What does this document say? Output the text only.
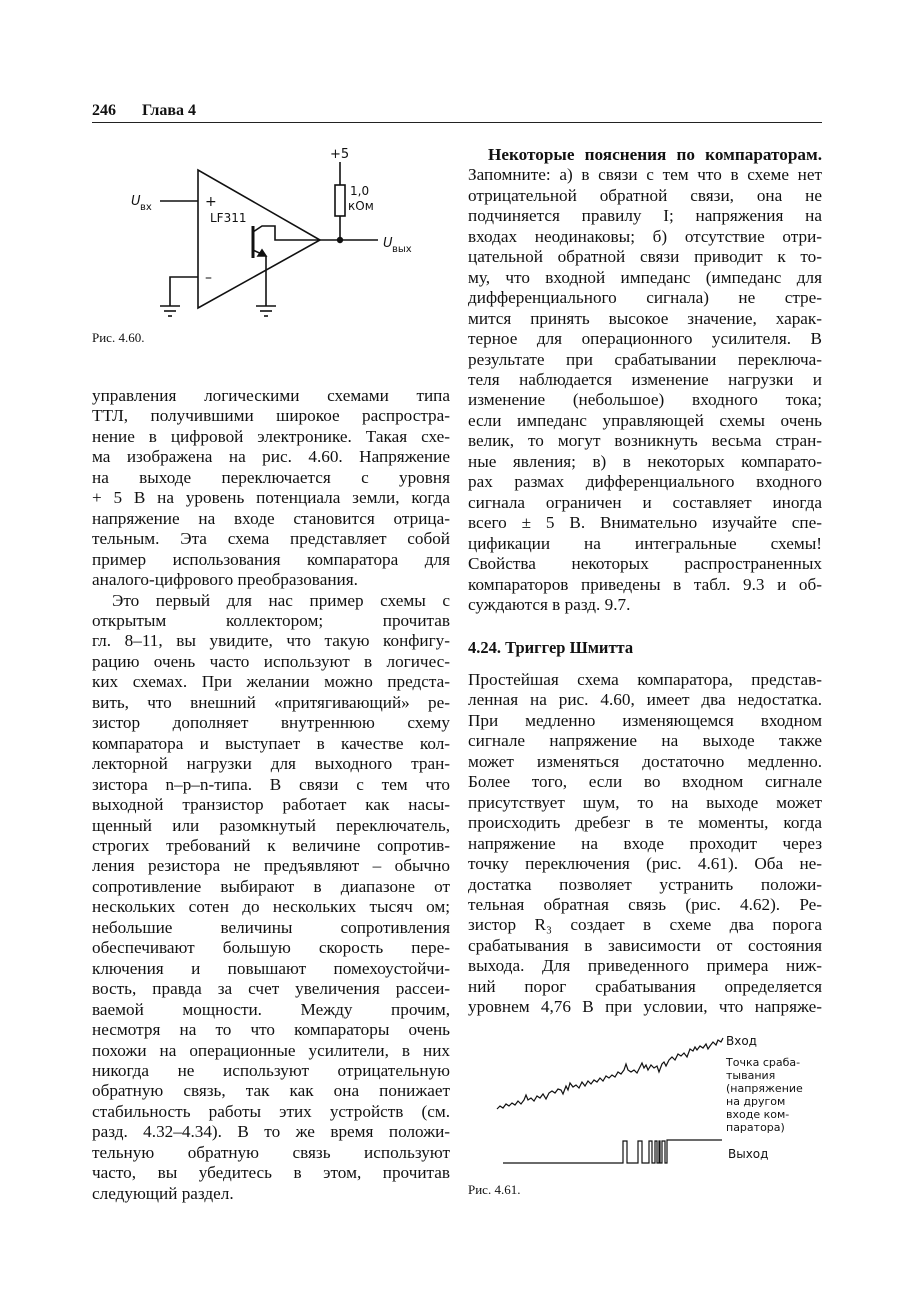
246 Глава 4
+5
1,0
кОм
+
–
LF311
U вх
U вых
Рис. 4.60.

управления логическими схемами типа
ТТЛ, получившими широкое распростра-
нение в цифровой электронике. Такая схе-
ма изображена на рис. 4.60. Напряжение
на выходе переключается с уровня
+ 5 В на уровень потенциала земли, когда
напряжение на входе становится отрица-
тельным. Эта схема представляет собой
пример использования компаратора для
аналого-цифрового преобразования.

Это первый для нас пример схемы с
открытым коллектором; прочитав
гл. 8–11, вы увидите, что такую конфигу-
рацию очень часто используют в логичес-
ких схемах. При желании можно предста-
вить, что внешний «притягивающий» ре-
зистор дополняет внутреннюю схему
компаратора и выступает в качестве кол-
лекторной нагрузки для выходного тран-
зистора n–p–n-типа. В связи с тем что
выходной транзистор работает как насы-
щенный или разомкнутый переключатель,
строгих требований к величине сопротив-
ления резистора не предъявляют – обычно
сопротивление выбирают в диапазоне от
нескольких сотен до нескольких тысяч ом;
небольшие величины сопротивления
обеспечивают большую скорость пере-
ключения и повышают помехоустойчи-
вость, правда за счет увеличения рассеи-
ваемой мощности. Между прочим,
несмотря на то что компараторы очень
похожи на операционные усилители, в них
никогда не используют отрицательную
обратную связь, так как она понижает
стабильность работы этих устройств (см.
разд. 4.32–4.34). В то же время положи-
тельную обратную связь используют
часто, вы убедитесь в этом, прочитав
следующий раздел.

Некоторые пояснения по компараторам.
Запомните: а) в связи с тем что в схеме нет
отрицательной обратной связи, она не
подчиняется правилу I; напряжения на
входах неодинаковы; б) отсутствие отри-
цательной обратной связи приводит к то-
му, что входной импеданс (импеданс для
дифференциального сигнала) не стре-
мится принять высокое значение, харак-
терное для операционного усилителя. В
результате при срабатывании переключа-
теля наблюдается изменение нагрузки и
изменение (небольшое) входного тока;
если импеданс управляющей схемы очень
велик, то могут возникнуть весьма стран-
ные явления; в) в некоторых компарато-
рах размах дифференциального входного
сигнала ограничен и составляет иногда
всего ± 5 В. Внимательно изучайте спе-
цификации на интегральные схемы!
Свойства некоторых распространенных
компараторов приведены в табл. 9.3 и об-
суждаются в разд. 9.7.

4.24. Триггер Шмитта

Простейшая схема компаратора, представ-
ленная на рис. 4.60, имеет два недостатка.
При медленно изменяющемся входном
сигнале напряжение на выходе также
может изменяться достаточно медленно.
Более того, если во входном сигнале
присутствует шум, то на выходе может
происходить дребезг в те моменты, когда
напряжение на входе проходит через
точку переключения (рис. 4.61). Оба не-
достатка позволяет устранить положи-
тельная обратная связь (рис. 4.62). Ре-
зистор R₃ создает в схеме два порога
срабатывания в зависимости от состояния
выхода. Для приведенного примера ниж-
ний порог срабатывания определяется
уровнем 4,76 В при условии, что напряже-

Вход
Точка сраба-
тывания
(напряжение
на другом
входе ком-
паратора)
Выход
Рис. 4.61.
